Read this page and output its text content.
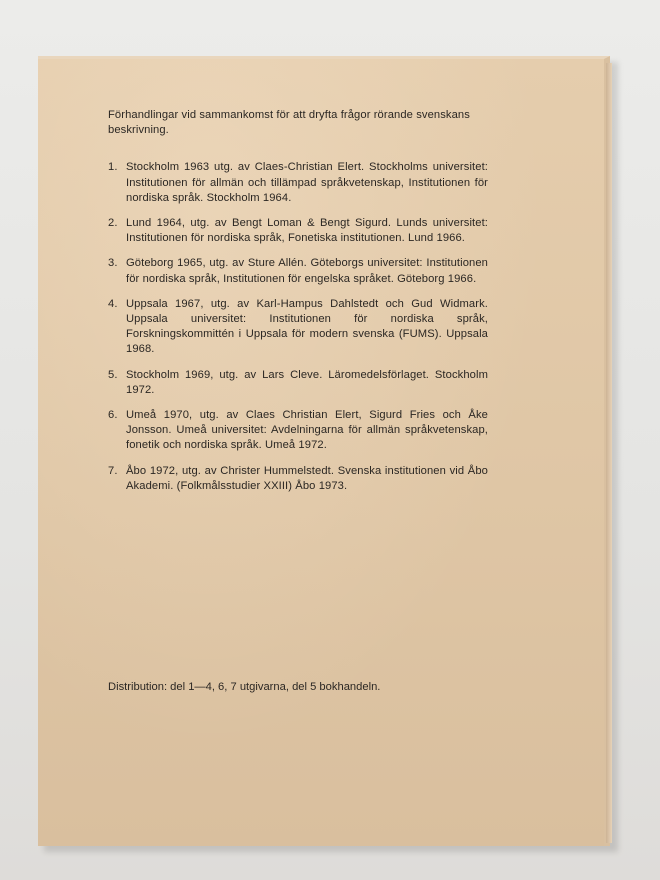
Förhandlingar vid sammankomst för att dryfta frågor rörande svenskans beskrivning.

1. Stockholm 1963 utg. av Claes-Christian Elert. Stockholms universitet: Institutionen för allmän och tillämpad språkvetenskap, Institutionen för nordiska språk. Stockholm 1964.
2. Lund 1964, utg. av Bengt Loman & Bengt Sigurd. Lunds universitet: Institutionen för nordiska språk, Fonetiska institutionen. Lund 1966.
3. Göteborg 1965, utg. av Sture Allén. Göteborgs universitet: Institutionen för nordiska språk, Institutionen för engelska språket. Göteborg 1966.
4. Uppsala 1967, utg. av Karl-Hampus Dahlstedt och Gud Widmark. Uppsala universitet: Institutionen för nordiska språk, Forskningskommittén i Uppsala för modern svenska (FUMS). Uppsala 1968.
5. Stockholm 1969, utg. av Lars Cleve. Läromedelsförlaget. Stockholm 1972.
6. Umeå 1970, utg. av Claes Christian Elert, Sigurd Fries och Åke Jonsson. Umeå universitet: Avdelningarna för allmän språkvetenskap, fonetik och nordiska språk. Umeå 1972.
7. Åbo 1972, utg. av Christer Hummelstedt. Svenska institutionen vid Åbo Akademi. (Folkmålsstudier XXIII) Åbo 1973.
Distribution: del 1—4, 6, 7 utgivarna, del 5 bokhandeln.
